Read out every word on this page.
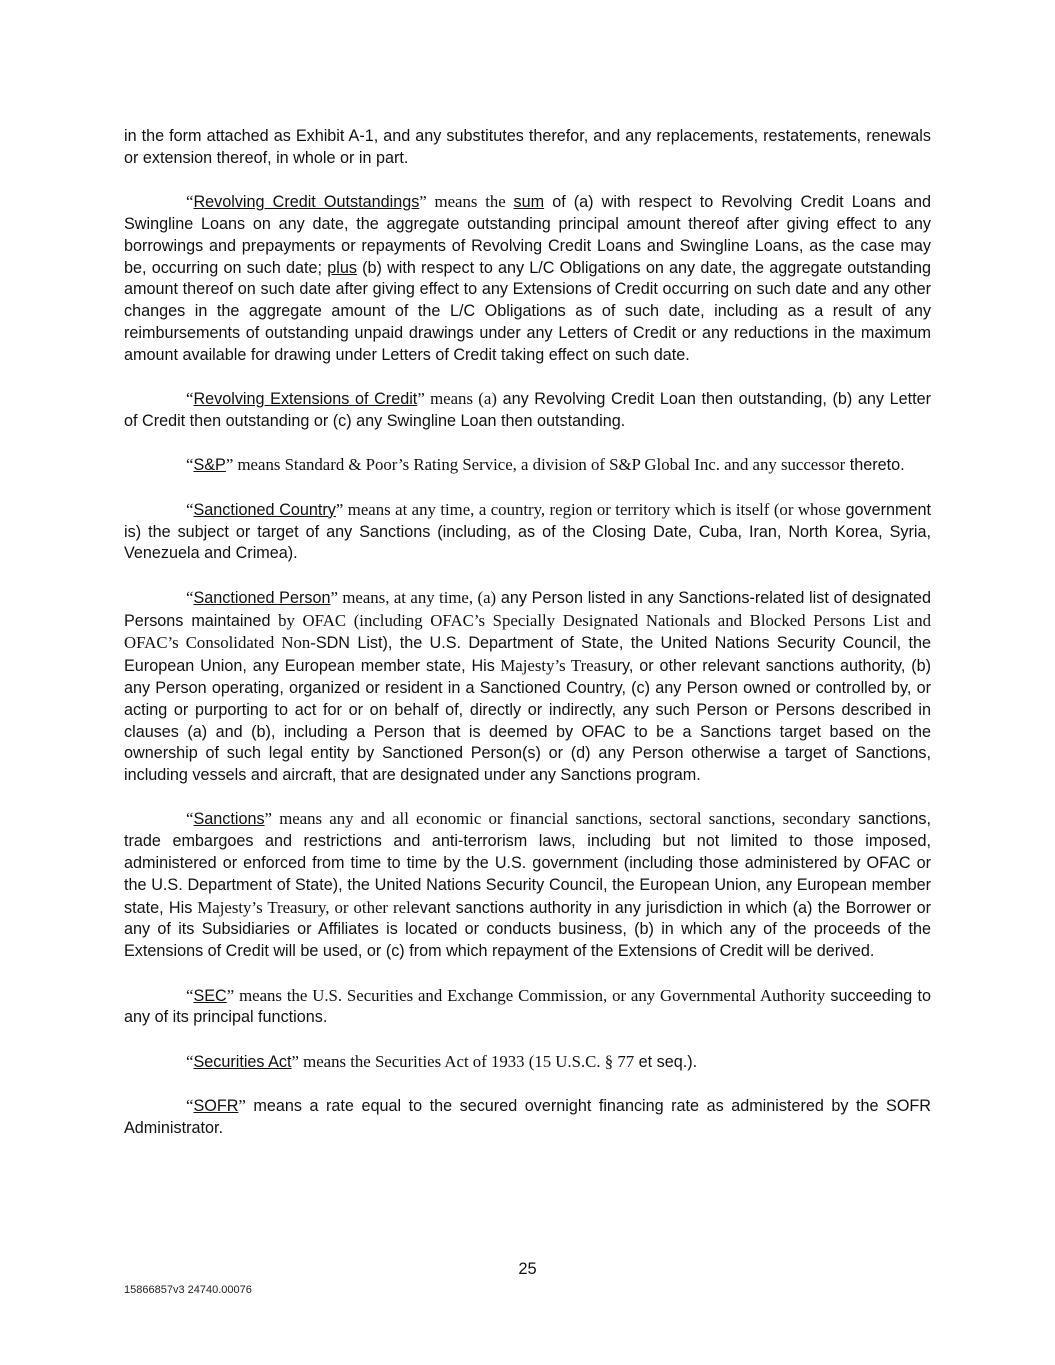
in the form attached as Exhibit A-1, and any substitutes therefor, and any replacements, restatements, renewals or extension thereof, in whole or in part.

“Revolving Credit Outstandings” means the sum of (a) with respect to Revolving Credit Loans and Swingline Loans on any date, the aggregate outstanding principal amount thereof after giving effect to any borrowings and prepayments or repayments of Revolving Credit Loans and Swingline Loans, as the case may be, occurring on such date; plus (b) with respect to any L/C Obligations on any date, the aggregate outstanding amount thereof on such date after giving effect to any Extensions of Credit occurring on such date and any other changes in the aggregate amount of the L/C Obligations as of such date, including as a result of any reimbursements of outstanding unpaid drawings under any Letters of Credit or any reductions in the maximum amount available for drawing under Letters of Credit taking effect on such date.

“Revolving Extensions of Credit” means (a) any Revolving Credit Loan then outstanding, (b) any Letter of Credit then outstanding or (c) any Swingline Loan then outstanding.

“S&P” means Standard & Poor’s Rating Service, a division of S&P Global Inc. and any successor thereto.

“Sanctioned Country” means at any time, a country, region or territory which is itself (or whose government is) the subject or target of any Sanctions (including, as of the Closing Date, Cuba, Iran, North Korea, Syria, Venezuela and Crimea).

“Sanctioned Person” means, at any time, (a) any Person listed in any Sanctions-related list of designated Persons maintained by OFAC (including OFAC’s Specially Designated Nationals and Blocked Persons List and OFAC’s Consolidated Non-SDN List), the U.S. Department of State, the United Nations Security Council, the European Union, any European member state, His Majesty’s Treasury, or other relevant sanctions authority, (b) any Person operating, organized or resident in a Sanctioned Country, (c) any Person owned or controlled by, or acting or purporting to act for or on behalf of, directly or indirectly, any such Person or Persons described in clauses (a) and (b), including a Person that is deemed by OFAC to be a Sanctions target based on the ownership of such legal entity by Sanctioned Person(s) or (d) any Person otherwise a target of Sanctions, including vessels and aircraft, that are designated under any Sanctions program.

“Sanctions” means any and all economic or financial sanctions, sectoral sanctions, secondary sanctions, trade embargoes and restrictions and anti-terrorism laws, including but not limited to those imposed, administered or enforced from time to time by the U.S. government (including those administered by OFAC or the U.S. Department of State), the United Nations Security Council, the European Union, any European member state, His Majesty’s Treasury, or other relevant sanctions authority in any jurisdiction in which (a) the Borrower or any of its Subsidiaries or Affiliates is located or conducts business, (b) in which any of the proceeds of the Extensions of Credit will be used, or (c) from which repayment of the Extensions of Credit will be derived.

“SEC” means the U.S. Securities and Exchange Commission, or any Governmental Authority succeeding to any of its principal functions.

“Securities Act” means the Securities Act of 1933 (15 U.S.C. § 77 et seq.).

“SOFR” means a rate equal to the secured overnight financing rate as administered by the SOFR Administrator.

25
15866857v3 24740.00076
